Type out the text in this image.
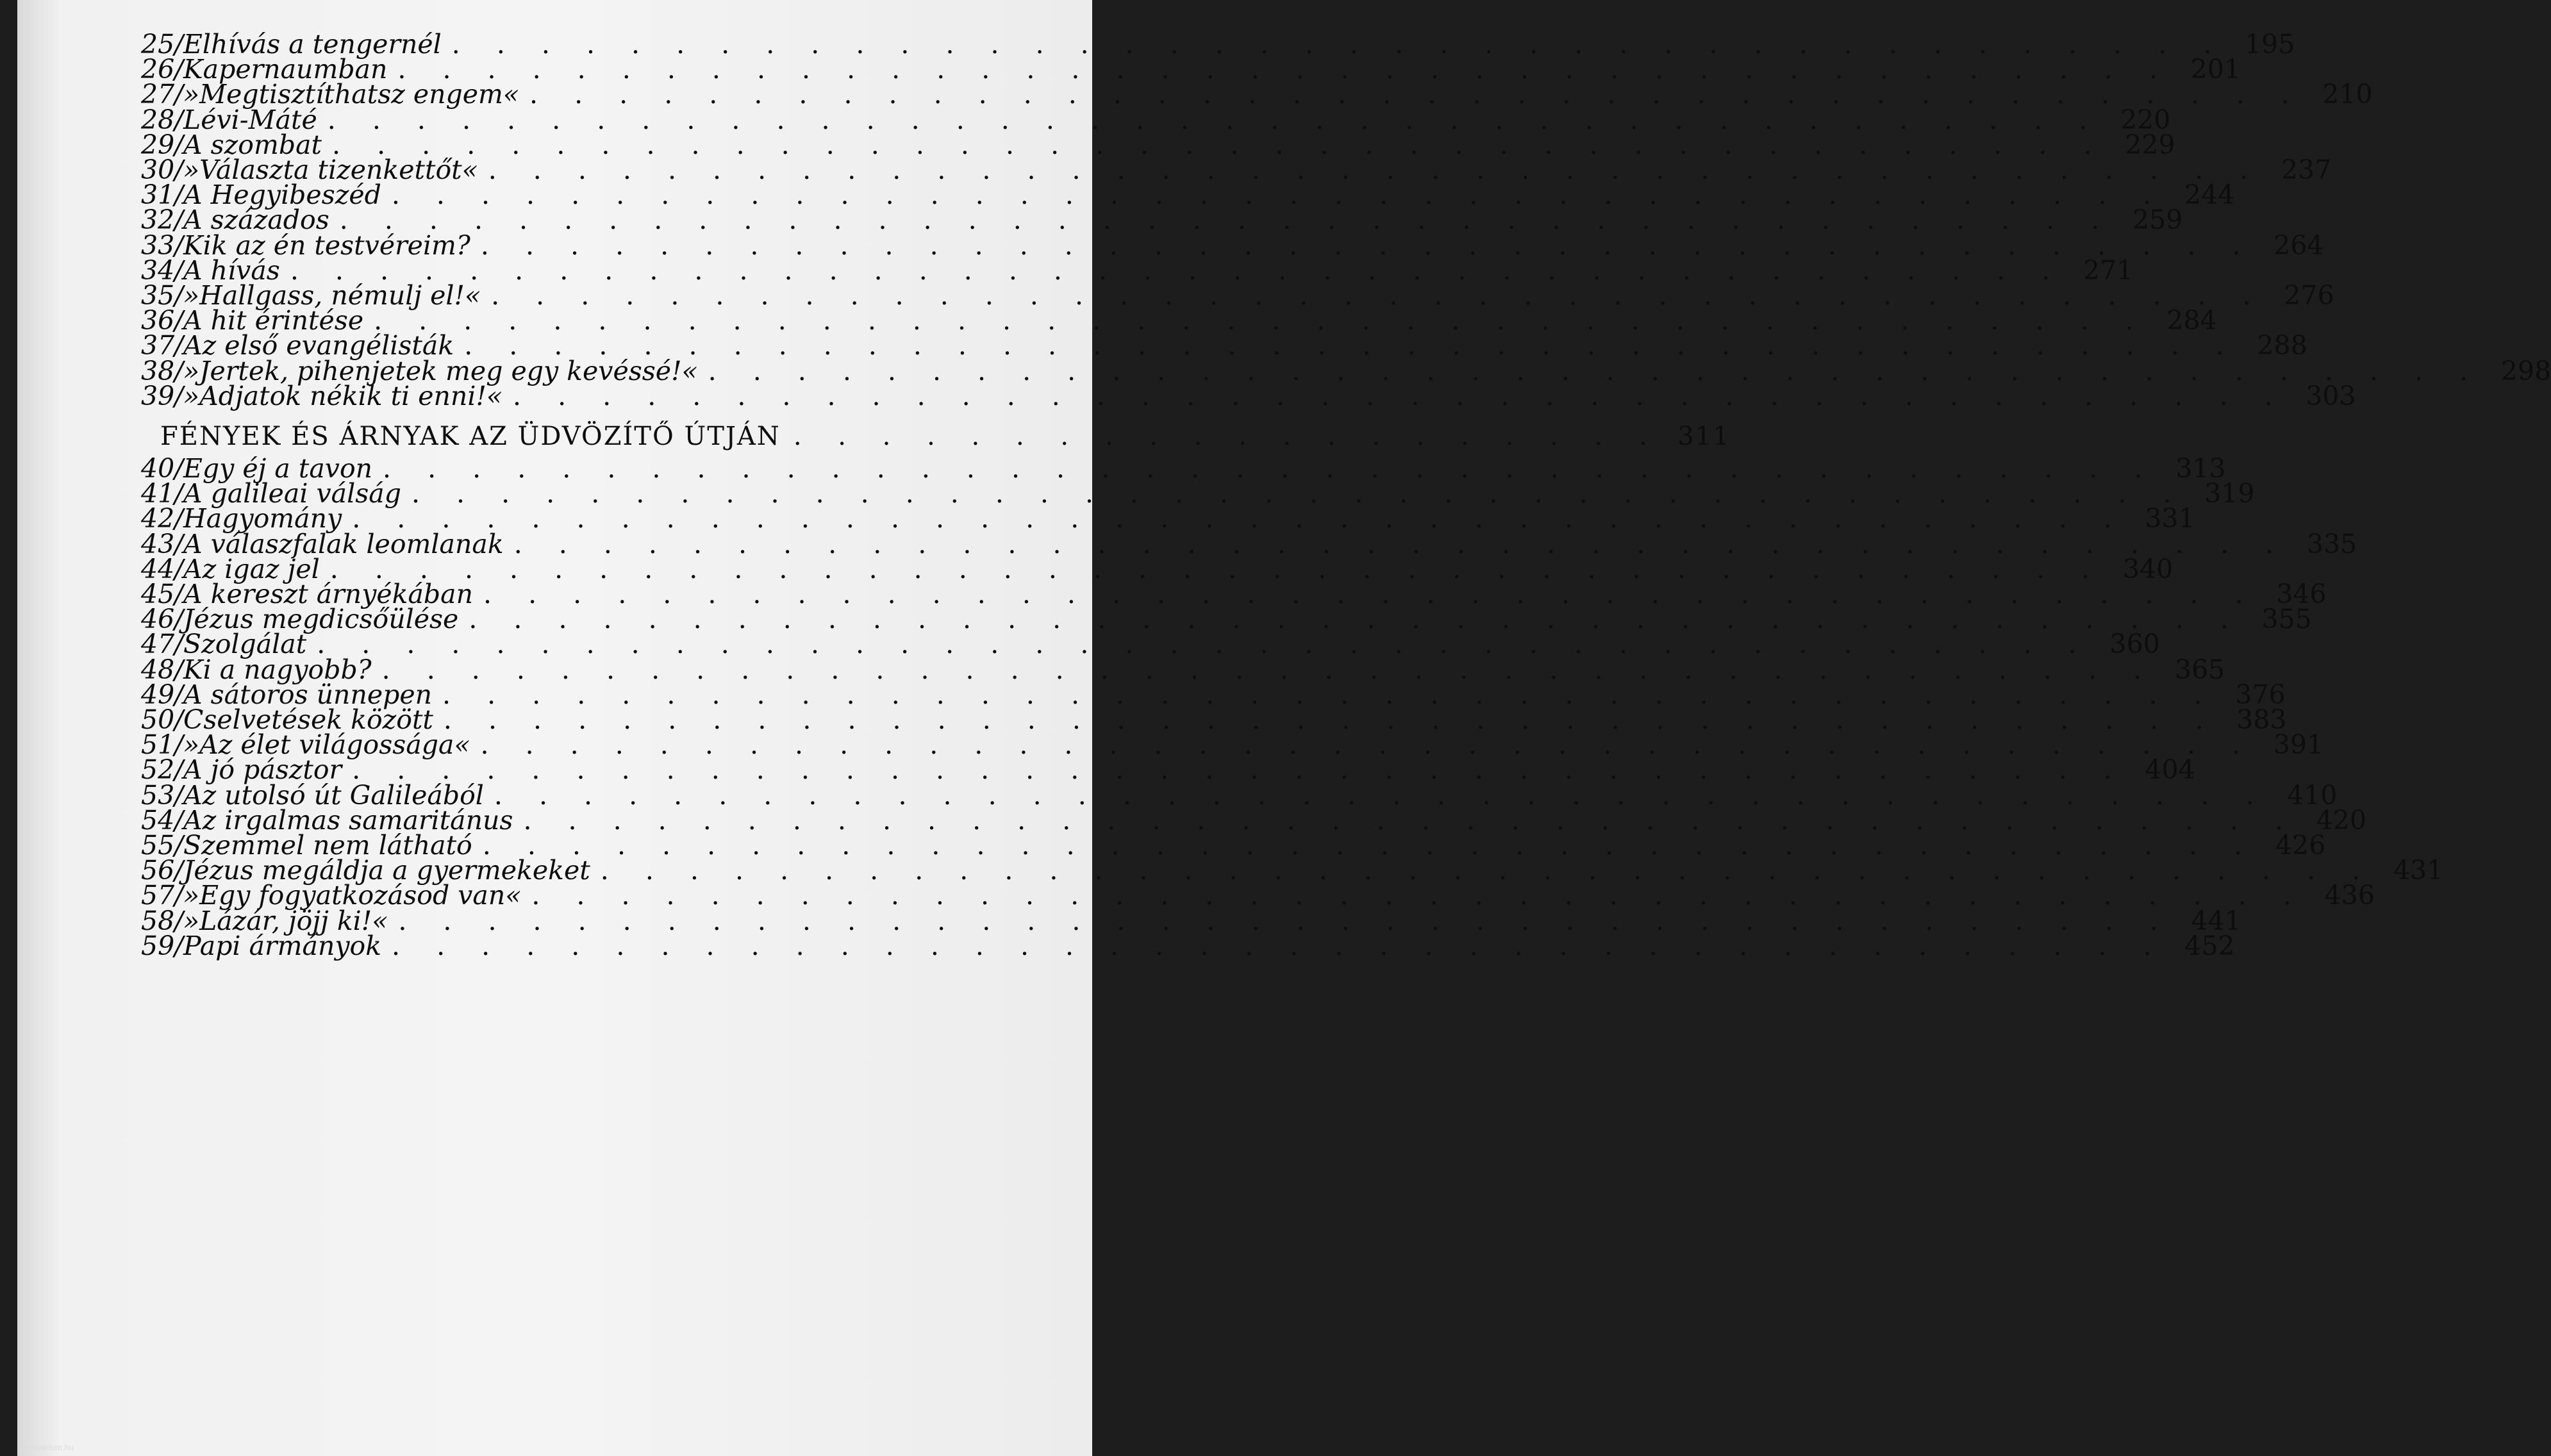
FÉNYEK ÉS ÁRNYAK AZ ÜDVÖZÍTŐ ÚTJÁN . . . . . . . . . . . . . . . . . . . . 311
25 / Elhívás a tengernél . . . . . . . . . . . . . . . . . . . . . . . . . . . . . . . . . . . . . . . . 195
26 / Kapernaumban . . . . . . . . . . . . . . . . . . . . . . . . . . . . . . . . . . . . . . . . 201
27 / »Megtisztíthatsz engem« . . . . . . . . . . . . . . . . . . . . . . . . . . . . . . . . . . . . . . . . 210
28 / Lévi-Máté . . . . . . . . . . . . . . . . . . . . . . . . . . . . . . . . . . . . . . . . 220
29 / A szombat . . . . . . . . . . . . . . . . . . . . . . . . . . . . . . . . . . . . . . . . 229
30 / »Választa tizenkettőt« . . . . . . . . . . . . . . . . . . . . . . . . . . . . . . . . . . . . . . . . 237
31 / A Hegyibeszéd . . . . . . . . . . . . . . . . . . . . . . . . . . . . . . . . . . . . . . . . 244
32 / A százados . . . . . . . . . . . . . . . . . . . . . . . . . . . . . . . . . . . . . . . . 259
33 / Kik az én testvéreim? . . . . . . . . . . . . . . . . . . . . . . . . . . . . . . . . . . . . . . . . 264
34 / A hívás . . . . . . . . . . . . . . . . . . . . . . . . . . . . . . . . . . . . . . . . 271
35 / »Hallgass, némulj el!« . . . . . . . . . . . . . . . . . . . . . . . . . . . . . . . . . . . . . . . . 276
36 / A hit érintése . . . . . . . . . . . . . . . . . . . . . . . . . . . . . . . . . . . . . . . . 284
37 / Az első evangélisták . . . . . . . . . . . . . . . . . . . . . . . . . . . . . . . . . . . . . . . . 288
38 / »Jertek, pihenjetek meg egy kevéssé!« . . . . . . . . . . . . . . . . . . . . . . . . . . . . . . . . . . . . . . . . 298
39 / »Adjatok nékik ti enni!« . . . . . . . . . . . . . . . . . . . . . . . . . . . . . . . . . . . . . . . . 303
40 / Egy éj a tavon . . . . . . . . . . . . . . . . . . . . . . . . . . . . . . . . . . . . . . . . 313
41 / A galileai válság . . . . . . . . . . . . . . . . . . . . . . . . . . . . . . . . . . . . . . . . 319
42 / Hagyomány . . . . . . . . . . . . . . . . . . . . . . . . . . . . . . . . . . . . . . . . 331
43 / A válaszfalak leomlanak . . . . . . . . . . . . . . . . . . . . . . . . . . . . . . . . . . . . . . . . 335
44 / Az igaz jel . . . . . . . . . . . . . . . . . . . . . . . . . . . . . . . . . . . . . . . . 340
45 / A kereszt árnyékában . . . . . . . . . . . . . . . . . . . . . . . . . . . . . . . . . . . . . . . . 346
46 / Jézus megdicsőülése . . . . . . . . . . . . . . . . . . . . . . . . . . . . . . . . . . . . . . . . 355
47 / Szolgálat . . . . . . . . . . . . . . . . . . . . . . . . . . . . . . . . . . . . . . . . 360
48 / Ki a nagyobb? . . . . . . . . . . . . . . . . . . . . . . . . . . . . . . . . . . . . . . . . 365
49 / A sátoros ünnepen . . . . . . . . . . . . . . . . . . . . . . . . . . . . . . . . . . . . . . . . 376
50 / Cselvetések között . . . . . . . . . . . . . . . . . . . . . . . . . . . . . . . . . . . . . . . . 383
51 / »Az élet világossága« . . . . . . . . . . . . . . . . . . . . . . . . . . . . . . . . . . . . . . . . 391
52 / A jó pásztor . . . . . . . . . . . . . . . . . . . . . . . . . . . . . . . . . . . . . . . . 404
53 / Az utolsó út Galileából . . . . . . . . . . . . . . . . . . . . . . . . . . . . . . . . . . . . . . . . 410
54 / Az irgalmas samaritánus . . . . . . . . . . . . . . . . . . . . . . . . . . . . . . . . . . . . . . . . 420
55 / Szemmel nem látható . . . . . . . . . . . . . . . . . . . . . . . . . . . . . . . . . . . . . . . . 426
56 / Jézus megáldja a gyermekeket . . . . . . . . . . . . . . . . . . . . . . . . . . . . . . . . . . . . . . . . 431
57 / »Egy fogyatkozásod van« . . . . . . . . . . . . . . . . . . . . . . . . . . . . . . . . . . . . . . . . 436
58 / »Lázár, jöjj ki!« . . . . . . . . . . . . . . . . . . . . . . . . . . . . . . . . . . . . . . . . 441
59 / Papi ármányok . . . . . . . . . . . . . . . . . . . . . . . . . . . . . . . . . . . . . . . . 452
Antikvárium.hu
